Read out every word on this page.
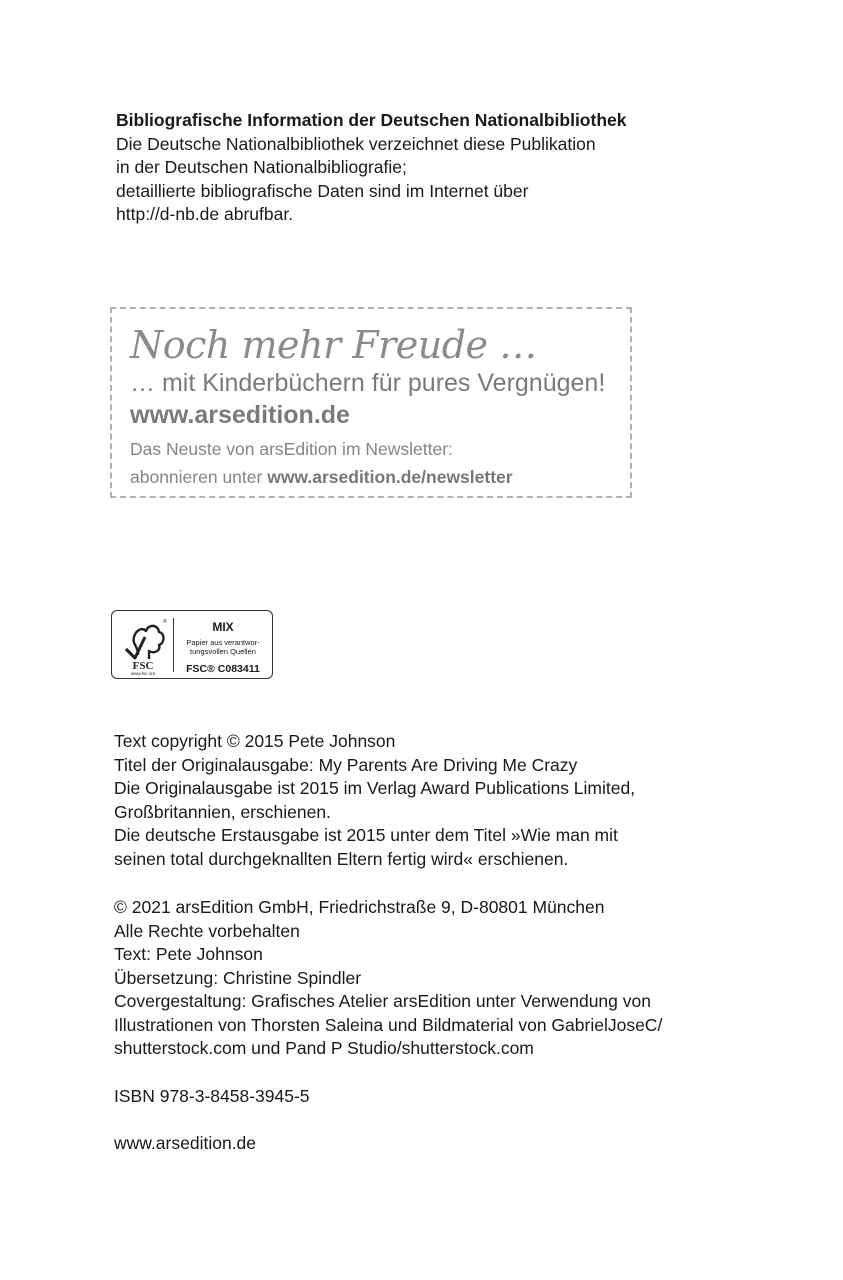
Bibliografische Information der Deutschen Nationalbibliothek
Die Deutsche Nationalbibliothek verzeichnet diese Publikation
in der Deutschen Nationalbibliografie;
detaillierte bibliografische Daten sind im Internet über
http://d-nb.de abrufbar.
Noch mehr Freude …
… mit Kinderbüchern für pures Vergnügen!
www.arsedition.de
Das Neuste von arsEdition im Newsletter:
abonnieren unter www.arsedition.de/newsletter
®
FSC
www.fsc.org
MIX
Papier aus verantwor-
tungsvollen Quellen
FSC® C083411
Text copyright © 2015 Pete Johnson
Titel der Originalausgabe: My Parents Are Driving Me Crazy
Die Originalausgabe ist 2015 im Verlag Award Publications Limited,
Großbritannien, erschienen.
Die deutsche Erstausgabe ist 2015 unter dem Titel »Wie man mit
seinen total durchgeknallten Eltern fertig wird« erschienen.
© 2021 arsEdition GmbH, Friedrichstraße 9, D-80801 München
Alle Rechte vorbehalten
Text: Pete Johnson
Übersetzung: Christine Spindler
Covergestaltung: Grafisches Atelier arsEdition unter Verwendung von
Illustrationen von Thorsten Saleina und Bildmaterial von GabrielJoseC/
shutterstock.com und Pand P Studio/shutterstock.com
ISBN 978-3-8458-3945-5
www.arsedition.de
